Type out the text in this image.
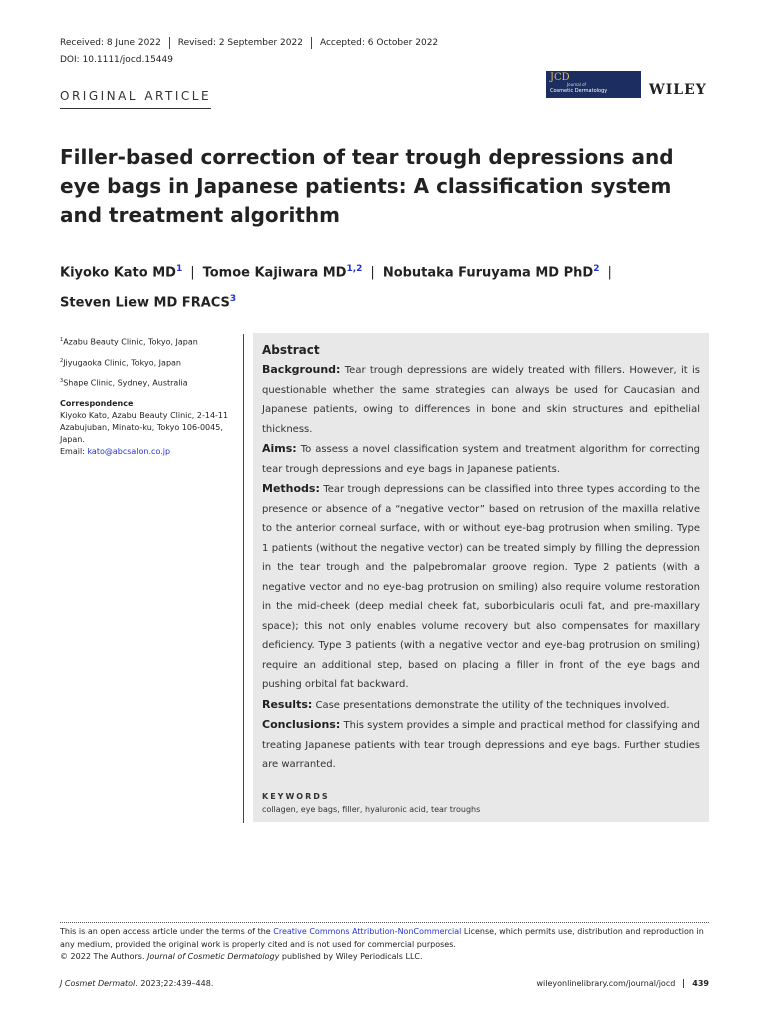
Received: 8 June 2022	Revised: 2 September 2022	Accepted: 6 October 2022
DOI: 10.1111/jocd.15449
ORIGINAL ARTICLE
JCD
Journal of
Cosmetic Dermatology	WILEY
Filler-based correction of tear trough depressions and eye bags in Japanese patients: A classification system and treatment algorithm
Kiyoko Kato $MD^1$ | Tomoe Kajiwara MD$^{1,2}$ | Nobutaka Furuyama MD PhD$^2$ |
Steven Liew MD FRACS$^3$
$^1$Azabu Beauty Clinic, Tokyo, Japan
$^2$Jiyugaoka Clinic, Tokyo, Japan
$^3$Shape Clinic, Sydney, Australia
Correspondence
Kiyoko Kato, Azabu Beauty Clinic, 2-14-11
Azabujuban, Minato-ku, Tokyo 106-0045,
Japan.
Email: kato@abcsalon.co.jp
Abstract

Background: Tear trough depressions are widely treated with fillers. However, it is questionable whether the same strategies can always be used for Caucasian and Japanese patients, owing to differences in bone and skin structures and epithelial thickness.

Aims: To assess a novel classification system and treatment algorithm for correcting tear trough depressions and eye bags in Japanese patients.

Methods: Tear trough depressions can be classified into three types according to the presence or absence of a “negative vector” based on retrusion of the maxilla relative to the anterior corneal surface, with or without eye-bag protrusion when smiling. Type 1 patients (without the negative vector) can be treated simply by filling the depression in the tear trough and the palpebromalar groove region. Type 2 patients (with a negative vector and no eye-bag protrusion on smiling) also require volume restoration in the mid-cheek (deep medial cheek fat, suborbicularis oculi fat, and pre-maxillary space); this not only enables volume recovery but also compensates for maxillary deficiency. Type 3 patients (with a negative vector and eye-bag protrusion on smiling) require an additional step, based on placing a filler in front of the eye bags and pushing orbital fat backward.

Results: Case presentations demonstrate the utility of the techniques involved.

Conclusions: This system provides a simple and practical method for classifying and treating Japanese patients with tear trough depressions and eye bags. Further studies are warranted.

KEYWORDS
collagen, eye bags, filler, hyaluronic acid, tear troughs
This is an open access article under the terms of the Creative Commons Attribution-NonCommercial License, which permits use, distribution and reproduction in any medium, provided the original work is properly cited and is not used for commercial purposes.
© 2022 The Authors. Journal of Cosmetic Dermatology published by Wiley Periodicals LLC.
J Cosmet Dermatol. 2023;22:439–448.	wileyonlinelibrary.com/journal/jocd	439
